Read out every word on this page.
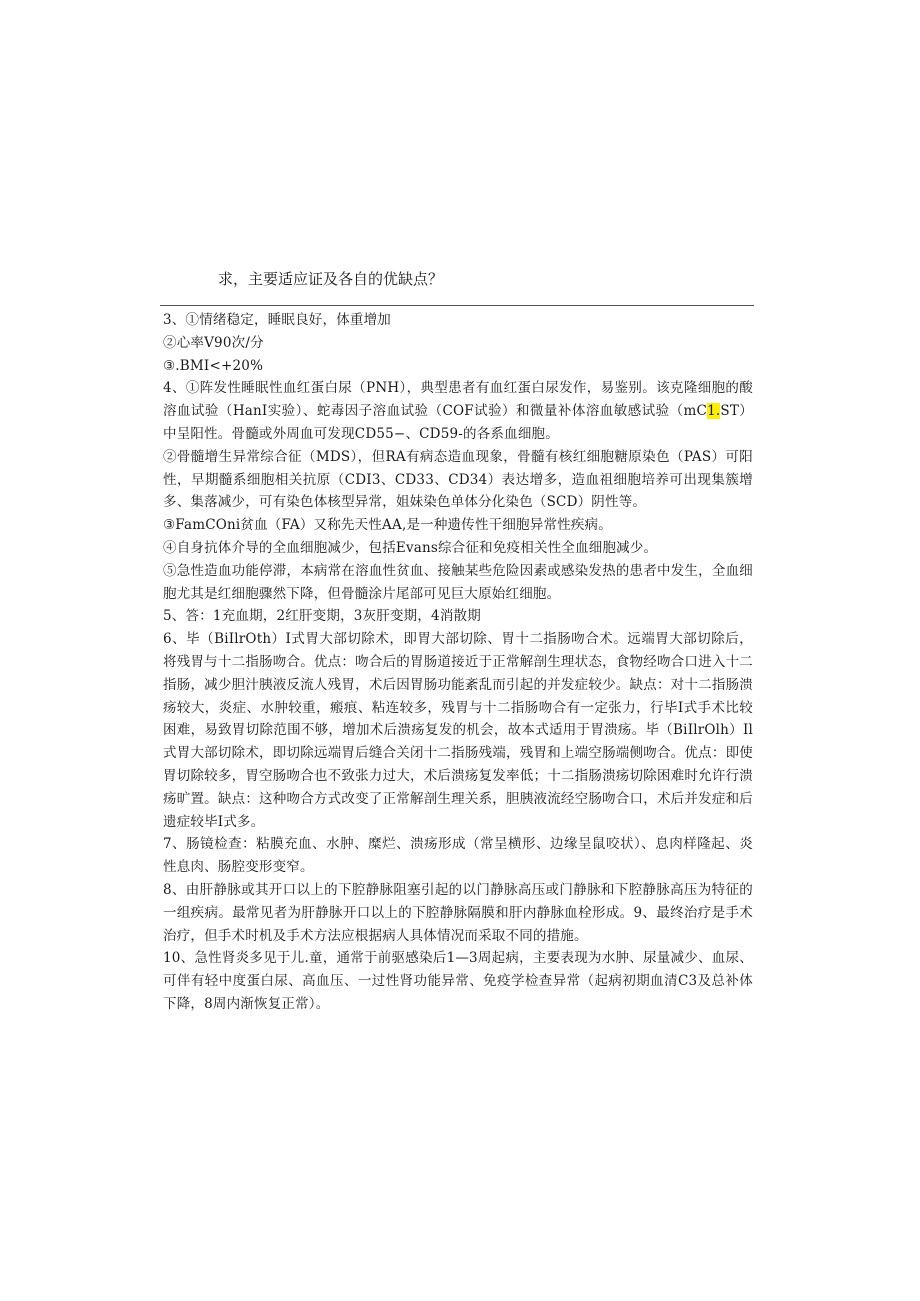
求，主要适应证及各自的优缺点？

3、①情绪稳定，睡眠良好，体重增加

②心率V90次/分

③.BMI<+20%

4、①阵发性睡眠性血红蛋白尿（PNH），典型患者有血红蛋白尿发作，易鉴别。该克隆细胞的酸溶血试验（HanI实验）、蛇毒因子溶血试验（COF试验）和微量补体溶血敏感试验（mC1.ST）中呈阳性。骨髓或外周血可发现CD55−、CD59-的各系血细胞。

②骨髓增生异常综合征（MDS），但RA有病态造血现象，骨髓有核红细胞糖原染色（PAS）可阳性，早期髓系细胞相关抗原（CDI3、CD33、CD34）表达增多，造血祖细胞培养可出现集簇增多、集落减少，可有染色体核型异常，姐妹染色单体分化染色（SCD）阴性等。

③FamCOni贫血（FA）又称先天性AA,是一种遗传性干细胞异常性疾病。

④自身抗体介导的全血细胞减少，包括Evans综合征和免疫相关性全血细胞减少。

⑤急性造血功能停滞，本病常在溶血性贫血、接触某些危险因素或感染发热的患者中发生，全血细胞尤其是红细胞骤然下降，但骨髓涂片尾部可见巨大原始红细胞。

5、答：1充血期，2红肝变期，3灰肝变期，4消散期

6、毕（BiIlrOth）I式胃大部切除术，即胃大部切除、胃十二指肠吻合术。远端胃大部切除后，将残胃与十二指肠吻合。优点：吻合后的胃肠道接近于正常解剖生理状态，食物经吻合口进入十二指肠，减少胆汁胰液反流人残胃，术后因胃肠功能紊乱而引起的并发症较少。缺点：对十二指肠溃疡较大，炎症、水肿较重，瘢痕、粘连较多，残胃与十二指肠吻合有一定张力，行毕I式手术比较困难，易致胃切除范围不够，增加术后溃疡复发的机会，故本式适用于胃溃疡。毕（BiIlrOlh）Il式胃大部切除术，即切除远端胃后缝合关闭十二指肠残端，残胃和上端空肠端侧吻合。优点：即使胃切除较多，胃空肠吻合也不致张力过大，术后溃疡复发率低；十二指肠溃疡切除困难时允许行溃疡旷置。缺点：这种吻合方式改变了正常解剖生理关系，胆胰液流经空肠吻合口，术后并发症和后遗症较毕I式多。

7、肠镜检查：粘膜充血、水肿、糜烂、溃疡形成（常呈横形、边缘呈鼠咬状）、息肉样隆起、炎性息肉、肠腔变形变窄。

8、由肝静脉或其开口以上的下腔静脉阻塞引起的以门静脉高压或门静脉和下腔静脉高压为特征的一组疾病。最常见者为肝静脉开口以上的下腔静脉隔膜和肝内静脉血栓形成。9、最终治疗是手术治疗，但手术时机及手术方法应根据病人具体情况而采取不同的措施。

10、急性肾炎多见于儿.童，通常于前驱感染后1—3周起病，主要表现为水肿、尿量减少、血尿、可伴有轻中度蛋白尿、高血压、一过性肾功能异常、免疫学检查异常（起病初期血清C3及总补体下降，8周内渐恢复正常）。
